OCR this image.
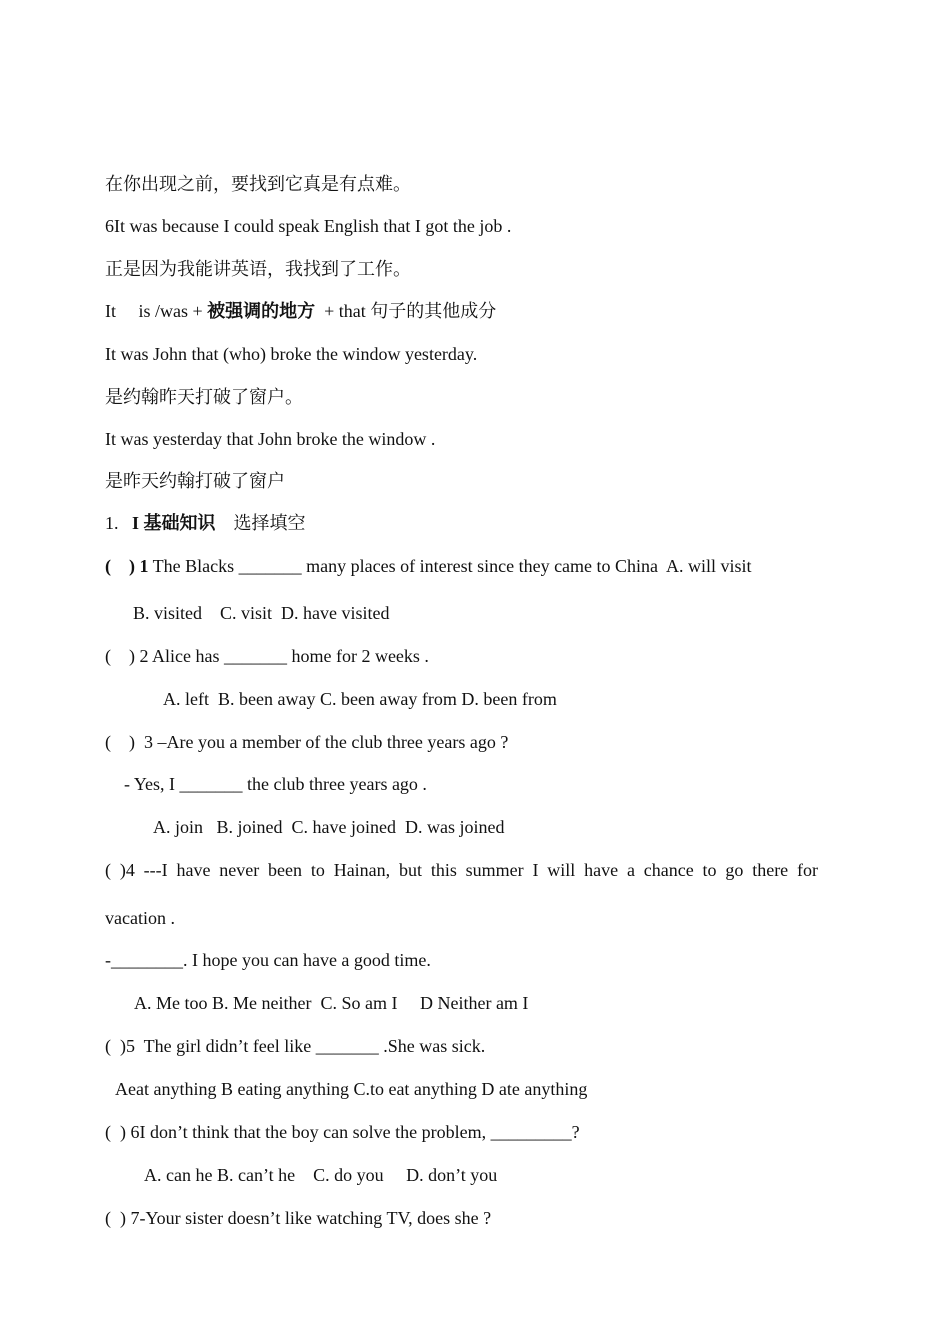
在你出现之前，要找到它真是有点难。
6It was because I could speak English that I got the job .
正是因为我能讲英语，我找到了工作。
It     is /was + 被强调的地方  + that 句子的其他成分
It was John that (who) broke the window yesterday.
是约翰昨天打破了窗户。
It was yesterday that John broke the window .
是昨天约翰打破了窗户
1.   I 基础知识    选择填空
(    ) 1 The Blacks _______ many places of interest since they came to China  A. will visit
B. visited    C. visit  D. have visited
(    ) 2 Alice has _______ home for 2 weeks .
A. left  B. been away C. been away from D. been from
(    )  3 –Are you a member of the club three years ago ?
- Yes, I _______ the club three years ago .
A. join   B. joined  C. have joined  D. was joined
( )4 ---I have never been to Hainan, but this summer I will have a chance to go there for
vacation .
-________. I hope you can have a good time.
A. Me too B. Me neither  C. So am I     D Neither am I
(  )5  The girl didn’t feel like _______ .She was sick.
Aeat anything B eating anything C.to eat anything D ate anything
(  ) 6I don’t think that the boy can solve the problem, _________?
A. can he B. can’t he    C. do you     D. don’t you
(  ) 7-Your sister doesn’t like watching TV, does she ?
